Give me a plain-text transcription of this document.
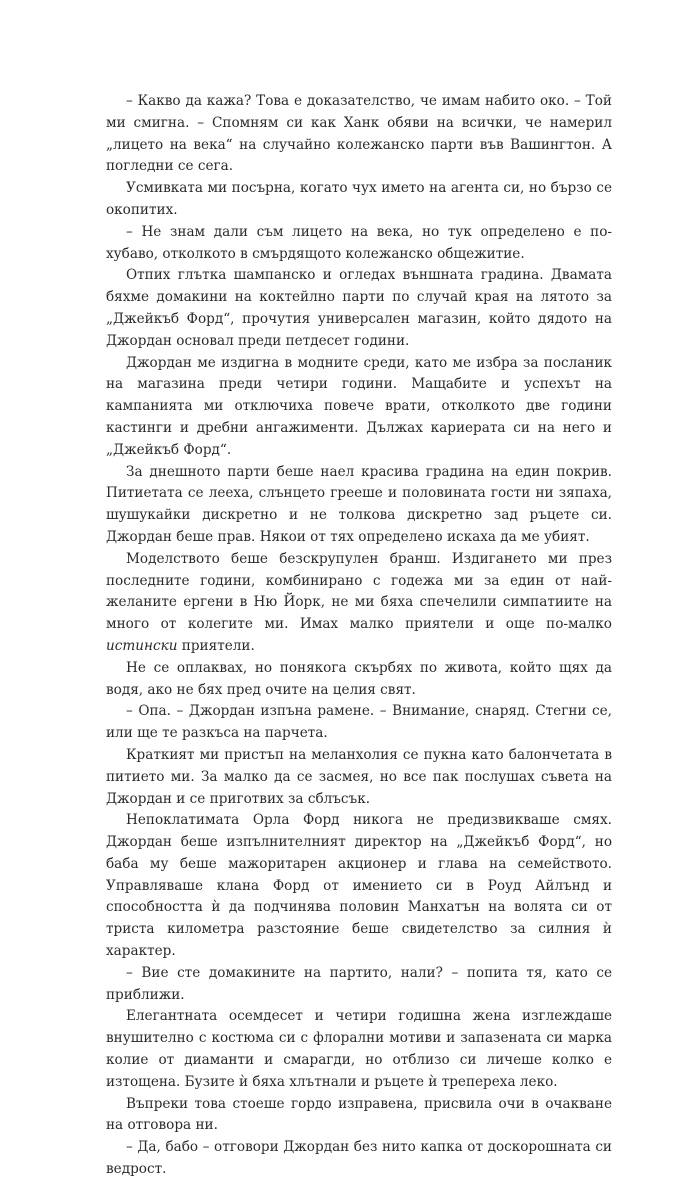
– Какво да кажа? Това е доказателство, че имам набито око. – Той ми смигна. – Спомням си как Ханк обяви на всички, че намерил „лицето на века“ на случайно колежанско парти във Вашингтон. А погледни се сега.

Усмивката ми посърна, когато чух името на агента си, но бързо се окопитих.

– Не знам дали съм лицето на века, но тук определено е по-хубаво, отколкото в смърдящото колежанско общежитие.

Отпих глътка шампанско и огледах външната градина. Двамата бяхме домакини на коктейлно парти по случай края на лятото за „Джейкъб Форд“, прочутия универсален магазин, който дядото на Джордан основал преди петдесет години.

Джордан ме издигна в модните среди, като ме избра за посланик на магазина преди четири години. Мащабите и успехът на кампанията ми отключиха повече врати, отколкото две години кастинги и дребни ангажименти. Дължах кариерата си на него и „Джейкъб Форд“.

За днешното парти беше наел красива градина на един покрив. Питиетата се лееха, слънцето грееше и половината гости ни зяпаха, шушукайки дискретно и не толкова дискретно зад ръцете си. Джордан беше прав. Някои от тях определено искаха да ме убият.

Моделството беше безскрупулен бранш. Издигането ми през последните години, комбинирано с годежа ми за един от най-желаните ергени в Ню Йорк, не ми бяха спечелили симпатиите на много от колегите ми. Имах малко приятели и още по-малко истински приятели.

Не се оплаквах, но понякога скърбях по живота, който щях да водя, ако не бях пред очите на целия свят.

– Опа. – Джордан изпъна рамене. – Внимание, снаряд. Стегни се, или ще те разкъса на парчета.

Краткият ми пристъп на меланхолия се пукна като балончетата в питието ми. За малко да се засмея, но все пак послушах съвета на Джордан и се приготвих за сблъсък.

Непоклатимата Орла Форд никога не предизвикваше смях. Джордан беше изпълнителният директор на „Джейкъб Форд“, но баба му беше мажоритарен акционер и глава на семейството. Управляваше клана Форд от имението си в Роуд Айлънд и способността ѝ да подчинява половин Манхатън на волята си от триста километра разстояние беше свидетелство за силния ѝ характер.

– Вие сте домакините на партито, нали? – попита тя, като се приближи.

Елегантната осемдесет и четири годишна жена изглеждаше внушително с костюма си с флорални мотиви и запазената си марка колие от диаманти и смарагди, но отблизо си личеше колко е изтощена. Бузите ѝ бяха хлътнали и ръцете ѝ трепереха леко.

Въпреки това стоеше гордо изправена, присвила очи в очакване на отговора ни.

– Да, бабо – отговори Джордан без нито капка от доскорошната си ведрост.
